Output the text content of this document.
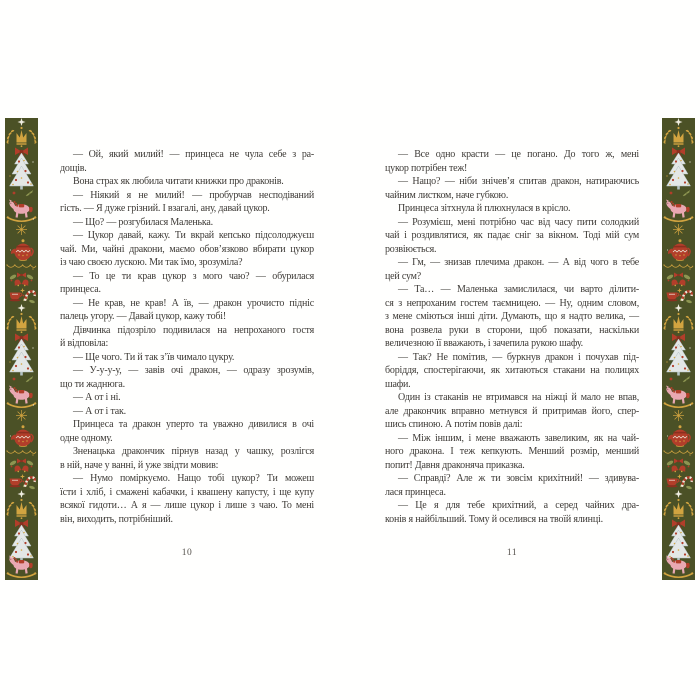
— Ой, який милий! — принцеса не чула себе з ра-
дощів.
Вона страх як любила читати книжки про драконів.
— Ніякий я не милий! — пробурчав несподіваний
гість. — Я дуже грізний. І взагалі, ану, давай цукор.
— Що? — розгубилася Маленька.
— Цукор давай, кажу. Ти вкрай кепсько підсолоджуєш
чай. Ми, чайні дракони, маємо обов’язково вбирати цукор
із чаю своєю лускою. Ми так їмо, зрозуміла?
— То це ти крав цукор з мого чаю? — обурилася
принцеса.
— Не крав, не крав! А їв, — дракон урочисто підніс
палець угору. — Давай цукор, кажу тобі!
Дівчинка підозріло подивилася на непроханого гостя
й відповіла:
— Ще чого. Ти й так з’їв чимало цукру.
— У-у-у-у, — завів очі дракон, — одразу зрозумів,
що ти жаднюга.
— А от і ні.
— А от і так.
Принцеса та дракон уперто та уважно дивилися в очі
одне одному.
Зненацька дракончик пірнув назад у чашку, розлігся
в ній, наче у ванні, й уже звідти мовив:
— Нумо поміркуємо. Нащо тобі цукор? Ти можеш
їсти і хліб, і смажені кабачки, і квашену капусту, і ще купу
всякої гидоти… А я — лише цукор і лише з чаю. То мені
він, виходить, потрібніший.
— Все одно красти — це погано. До того ж, мені
цукор потрібен теж!
— Нащо? — ніби знічев’я спитав дракон, натираючись
чайним листком, наче губкою.
Принцеса зітхнула й плюхнулася в крісло.
— Розумієш, мені потрібно час від часу пити солодкий
чай і роздивлятися, як падає сніг за вікном. Тоді мій сум
розвіюється.
— Гм, — знизав плечима дракон. — А від чого в тебе
цей сум?
— Та… — Маленька замислилася, чи варто ділити-
ся з непроханим гостем таємницею. — Ну, одним словом,
з мене сміються інші діти. Думають, що я надто велика, —
вона розвела руки в сторони, щоб показати, наскільки
величезною її вважають, і зачепила рукою шафу.
— Так? Не помітив, — буркнув дракон і почухав під-
боріддя, спостерігаючи, як хитаються стакани на полицях
шафи.
Один із стаканів не втримався на ніжці й мало не впав,
але дракончик вправно метнувся й притримав його, спер-
шись спиною. А потім повів далі:
— Між іншим, і мене вважають завеликим, як на чай-
ного дракона. І теж кепкують. Менший розмір, менший
попит! Давня драконяча приказка.
— Справді? Але ж ти зовсім крихітний! — здивува-
лася принцеса.
— Це я для тебе крихітний, а серед чайних дра-
конів я найбільший. Тому й оселився на твоїй ялинці.
10	11
